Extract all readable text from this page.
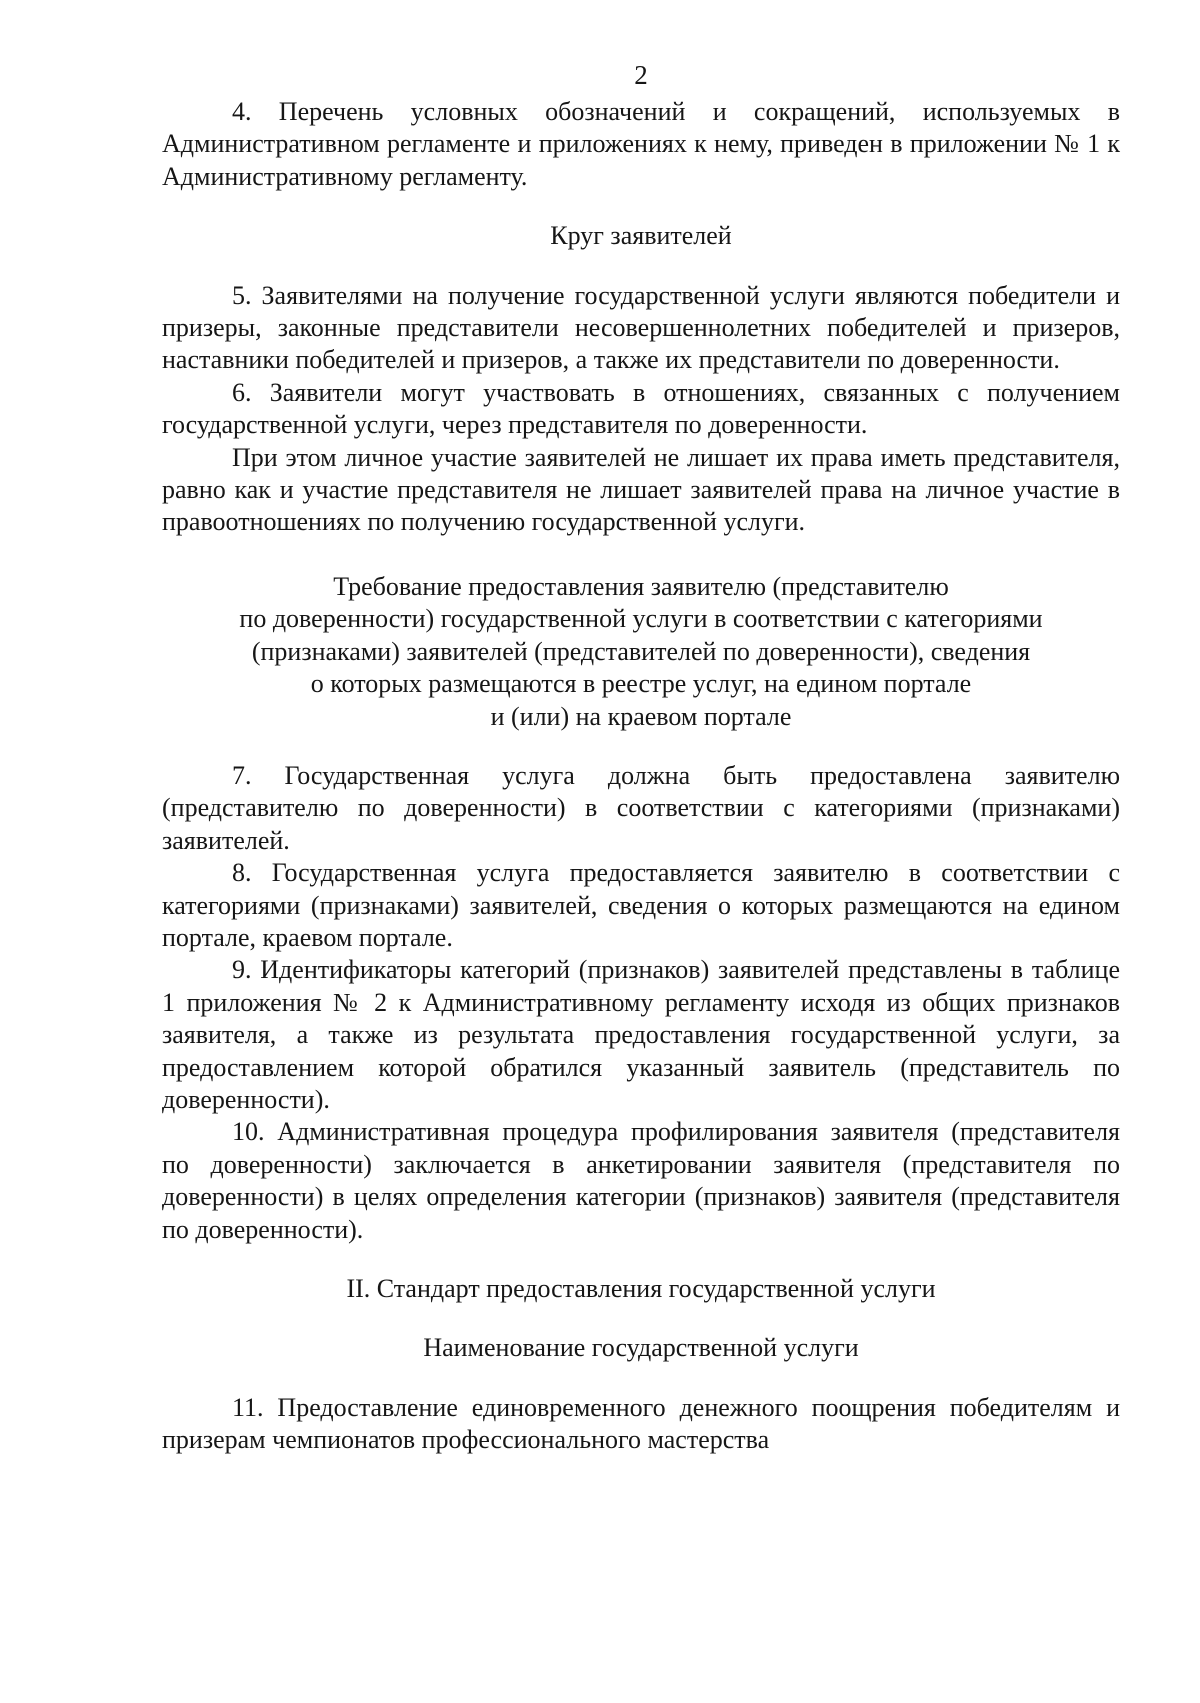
2

4. Перечень условных обозначений и сокращений, используемых в Административном регламенте и приложениях к нему, приведен в приложении № 1 к Административному регламенту.

Круг заявителей

5. Заявителями на получение государственной услуги являются победители и призеры, законные представители несовершеннолетних победителей и призеров, наставники победителей и призеров, а также их представители по доверенности.

6. Заявители могут участвовать в отношениях, связанных с получением государственной услуги, через представителя по доверенности.

При этом личное участие заявителей не лишает их права иметь представителя, равно как и участие представителя не лишает заявителей права на личное участие в правоотношениях по получению государственной услуги.

Требование предоставления заявителю (представителю
по доверенности) государственной услуги в соответствии с категориями
(признаками) заявителей (представителей по доверенности), сведения
о которых размещаются в реестре услуг, на едином портале
и (или) на краевом портале

7. Государственная услуга должна быть предоставлена заявителю (представителю по доверенности) в соответствии с категориями (признаками) заявителей.

8. Государственная услуга предоставляется заявителю в соответствии с категориями (признаками) заявителей, сведения о которых размещаются на едином портале, краевом портале.

9. Идентификаторы категорий (признаков) заявителей представлены в таблице 1 приложения № 2 к Административному регламенту исходя из общих признаков заявителя, а также из результата предоставления государственной услуги, за предоставлением которой обратился указанный заявитель (представитель по доверенности).

10. Административная процедура профилирования заявителя (представителя по доверенности) заключается в анкетировании заявителя (представителя по доверенности) в целях определения категории (признаков) заявителя (представителя по доверенности).

II. Стандарт предоставления государственной услуги

Наименование государственной услуги

11. Предоставление единовременного денежного поощрения победителям и призерам чемпионатов профессионального мастерства
